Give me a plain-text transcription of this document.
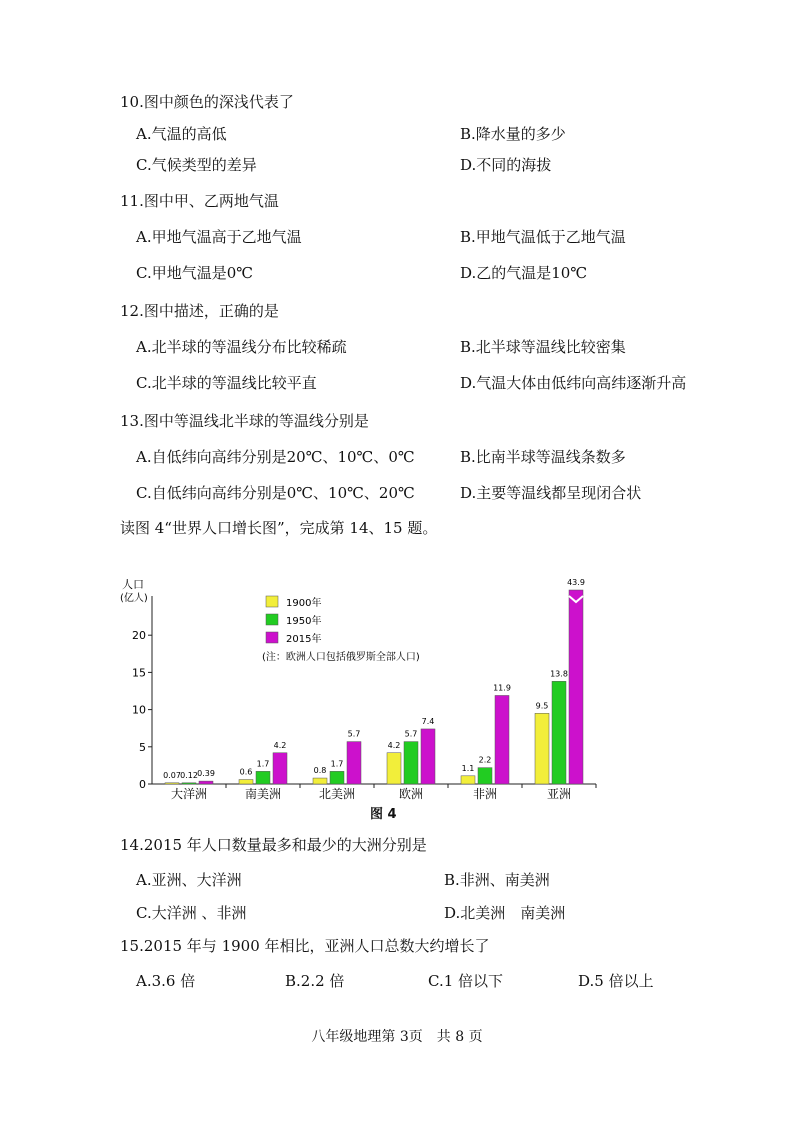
10.图中颜色的深浅代表了
A.气温的高低	B.降水量的多少
C.气候类型的差异	D.不同的海拔
11.图中甲、乙两地气温
A.甲地气温高于乙地气温	B.甲地气温低于乙地气温
C.甲地气温是0℃	D.乙的气温是10℃
12.图中描述，正确的是
A.北半球的等温线分布比较稀疏	B.北半球等温线比较密集
C.北半球的等温线比较平直	D.气温大体由低纬向高纬逐渐升高
13.图中等温线北半球的等温线分别是
A.自低纬向高纬分别是20℃、10℃、0℃	B.比南半球等温线条数多
C.自低纬向高纬分别是0℃、10℃、20℃	D.主要等温线都呈现闭合状
读图 4“世界人口增长图”，完成第 14、15 题。
人口
(亿人)
0
5
10
15
20
大洋洲
0.07 0.12 0.39
南美洲
0.6
1.7
4.2
北美洲
0.8
1.7
5.7
欧洲
4.2
5.7
7.4
非洲
1.1
2.2
11.9
亚洲
9.5
13.8
43.9
1900年
1950年
2015年
(注：欧洲人口包括俄罗斯全部人口)
图 4
14.2015 年人口数量最多和最少的大洲分别是
A.亚洲、大洋洲	B.非洲、南美洲
C.大洋洲 、非洲	D.北美洲　南美洲
15.2015 年与 1900 年相比，亚洲人口总数大约增长了
A.3.6 倍	B.2.2 倍	C.1 倍以下	D.5 倍以上
八年级地理第 3页　共 8 页
